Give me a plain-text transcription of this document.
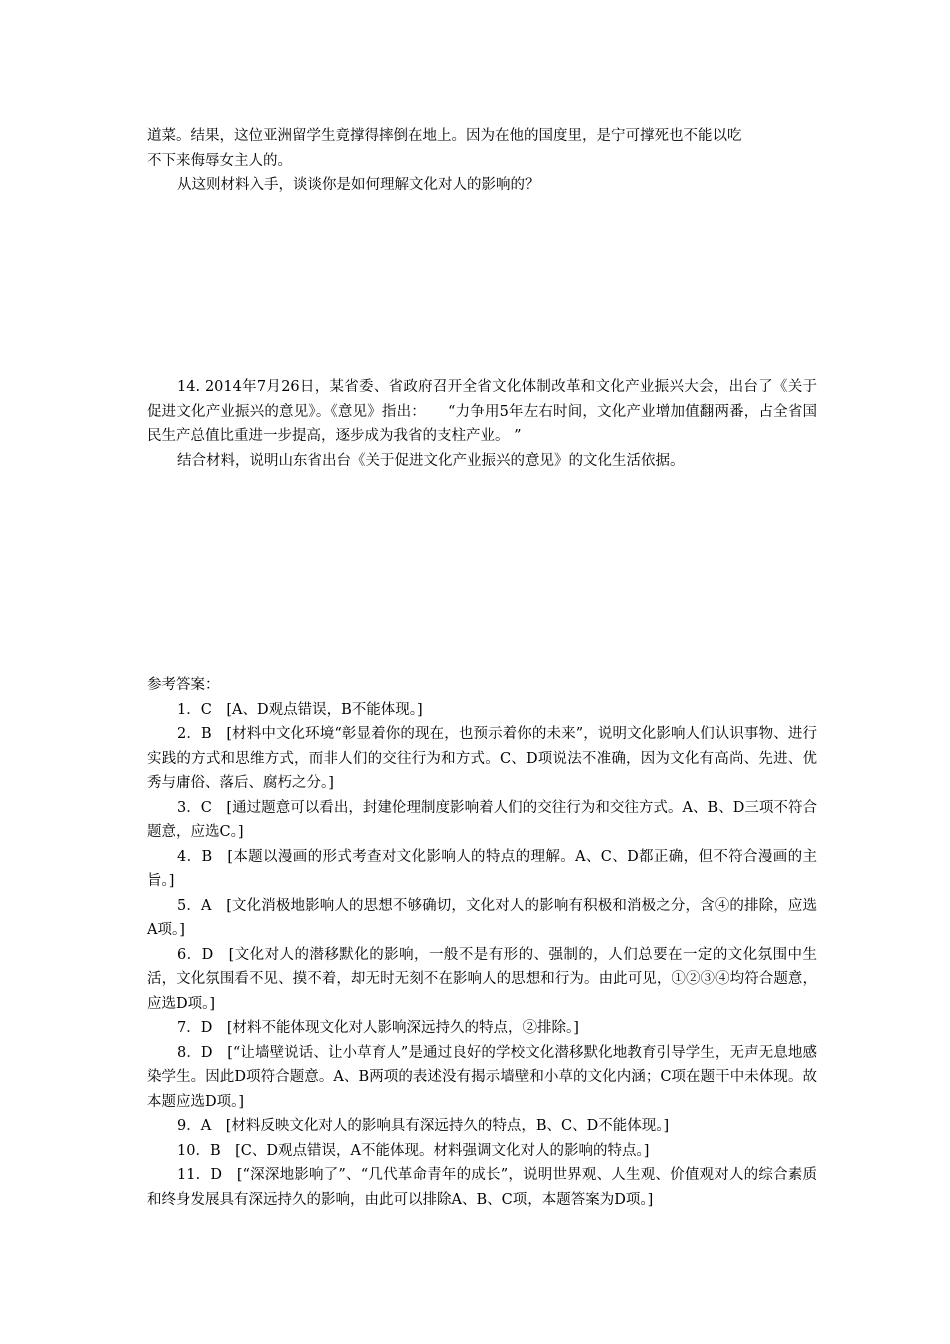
道菜。结果，这位亚洲留学生竟撑得摔倒在地上。因为在他的国度里，是宁可撑死也不能以吃

不下来侮辱女主人的。

从这则材料入手，谈谈你是如何理解文化对人的影响的？

14. 2014年7月26日，某省委、省政府召开全省文化体制改革和文化产业振兴大会，出台了《关于促进文化产业振兴的意见》。《意见》指出：　　“力争用5年左右时间，文化产业增加值翻两番，占全省国民生产总值比重进一步提高，逐步成为我省的支柱产业。 ”

结合材料，说明山东省出台《关于促进文化产业振兴的意见》的文化生活依据。

参考答案：

1．C　[A、D观点错误，B不能体现。]

2．B　[材料中文化环境“彰显着你的现在，也预示着你的未来”，说明文化影响人们认识事物、进行实践的方式和思维方式，而非人们的交往行为和方式。C、D项说法不准确，因为文化有高尚、先进、优秀与庸俗、落后、腐朽之分。]

3．C　[通过题意可以看出，封建伦理制度影响着人们的交往行为和交往方式。A、B、D三项不符合题意，应选C。]

4．B　[本题以漫画的形式考查对文化影响人的特点的理解。A、C、D都正确，但不符合漫画的主旨。]

5．A　[文化消极地影响人的思想不够确切，文化对人的影响有积极和消极之分，含④的排除，应选A项。]

6．D　[文化对人的潜移默化的影响，一般不是有形的、强制的，人们总要在一定的文化氛围中生活，文化氛围看不见、摸不着，却无时无刻不在影响人的思想和行为。由此可见，①②③④均符合题意，应选D项。]

7．D　[材料不能体现文化对人影响深远持久的特点，②排除。]

8．D　[“让墙壁说话、让小草育人”是通过良好的学校文化潜移默化地教育引导学生，无声无息地感染学生。因此D项符合题意。A、B两项的表述没有揭示墙壁和小草的文化内涵；C项在题干中未体现。故本题应选D项。]

9．A　[材料反映文化对人的影响具有深远持久的特点，B、C、D不能体现。]

10．B　[C、D观点错误，A不能体现。材料强调文化对人的影响的特点。]

11．D　[“深深地影响了”、“几代革命青年的成长”，说明世界观、人生观、价值观对人的综合素质和终身发展具有深远持久的影响，由此可以排除A、B、C项，本题答案为D项。]
